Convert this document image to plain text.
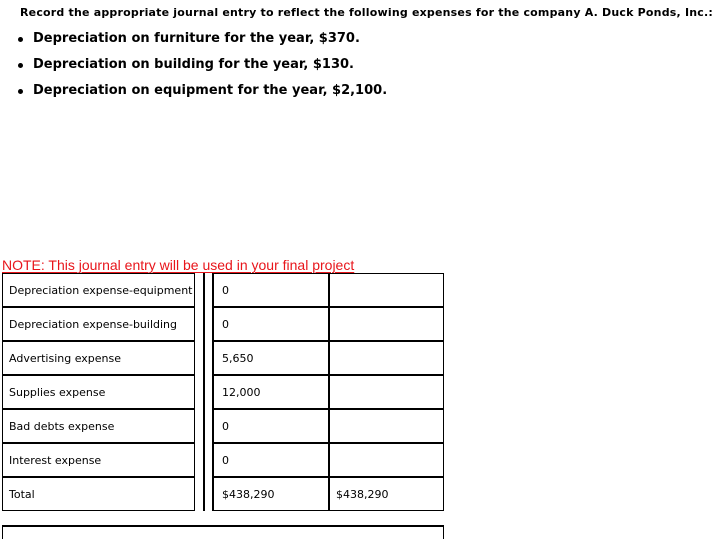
Record the appropriate journal entry to reflect the following expenses for the company A. Duck Ponds, Inc.:
Depreciation on furniture for the year, $370.
Depreciation on building for the year, $130.
Depreciation on equipment for the year, $2,100.
NOTE: This journal entry will be used in your final project
Depreciation expense-equipment		0	
Depreciation expense-building		0	
Advertising expense		5,650	
Supplies expense		12,000	
Bad debts expense		0	
Interest expense		0	
Total		$438,290	$438,290
